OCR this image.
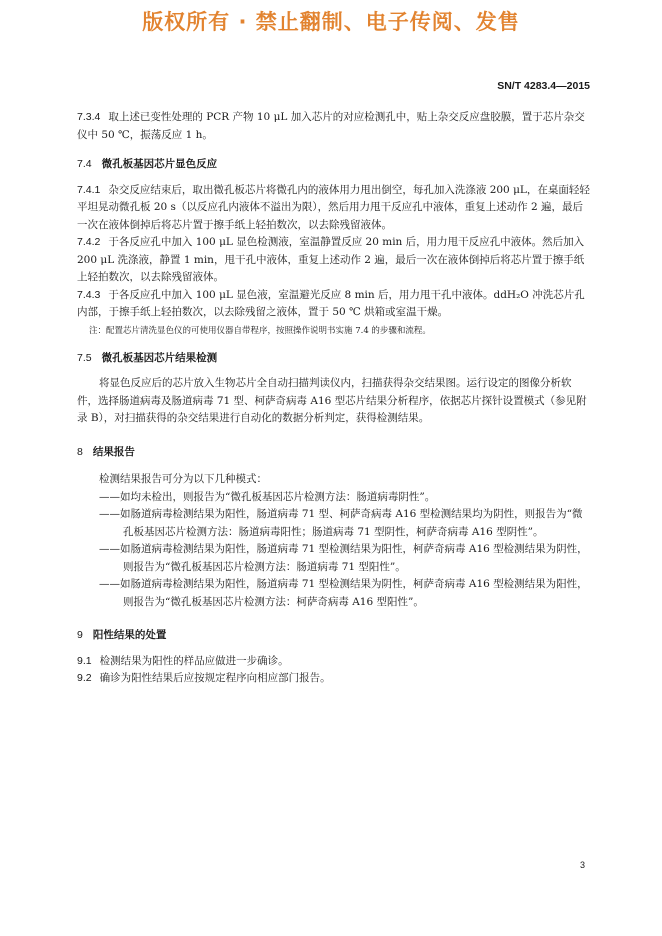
版权所有 · 禁止翻制、电子传阅、发售
SN/T 4283.4—2015

7.3.4 取上述已变性处理的 PCR 产物 10 μL 加入芯片的对应检测孔中，贴上杂交反应盘胶膜，置于芯片杂交仪中 50 ℃，振荡反应 1 h。

7.4 微孔板基因芯片显色反应

7.4.1 杂交反应结束后，取出微孔板芯片将微孔内的液体用力甩出倒空，每孔加入洗涤液 200 μL，在桌面轻轻平坦晃动微孔板 20 s（以反应孔内液体不溢出为限），然后用力甩干反应孔中液体，重复上述动作 2 遍，最后一次在液体倒掉后将芯片置于擦手纸上轻拍数次，以去除残留液体。

7.4.2 于各反应孔中加入 100 μL 显色检测液，室温静置反应 20 min 后，用力甩干反应孔中液体。然后加入 200 μL 洗涤液，静置 1 min，甩干孔中液体，重复上述动作 2 遍，最后一次在液体倒掉后将芯片置于擦手纸上轻拍数次，以去除残留液体。

7.4.3 于各反应孔中加入 100 μL 显色液，室温避光反应 8 min 后，用力甩干孔中液体。ddH₂O 冲洗芯片孔内部，于擦手纸上轻拍数次，以去除残留之液体，置于 50 ℃ 烘箱或室温干燥。

注：配置芯片清洗显色仪的可使用仪器自带程序，按照操作说明书实施 7.4 的步骤和流程。

7.5 微孔板基因芯片结果检测

将显色反应后的芯片放入生物芯片全自动扫描判读仪内，扫描获得杂交结果图。运行设定的图像分析软件，选择肠道病毒及肠道病毒 71 型、柯萨奇病毒 A16 型芯片结果分析程序，依据芯片探针设置模式（参见附录 B），对扫描获得的杂交结果进行自动化的数据分析判定，获得检测结果。

8 结果报告

检测结果报告可分为以下几种模式：

——如均未检出，则报告为“微孔板基因芯片检测方法：肠道病毒阴性”。

——如肠道病毒检测结果为阳性，肠道病毒 71 型、柯萨奇病毒 A16 型检测结果均为阴性，则报告为“微孔板基因芯片检测方法：肠道病毒阳性；肠道病毒 71 型阴性，柯萨奇病毒 A16 型阴性”。

——如肠道病毒检测结果为阳性，肠道病毒 71 型检测结果为阳性，柯萨奇病毒 A16 型检测结果为阴性，则报告为“微孔板基因芯片检测方法：肠道病毒 71 型阳性”。

——如肠道病毒检测结果为阳性，肠道病毒 71 型检测结果为阴性，柯萨奇病毒 A16 型检测结果为阳性，则报告为“微孔板基因芯片检测方法：柯萨奇病毒 A16 型阳性”。

9 阳性结果的处置

9.1 检测结果为阳性的样品应做进一步确诊。

9.2 确诊为阳性结果后应按规定程序向相应部门报告。

3
